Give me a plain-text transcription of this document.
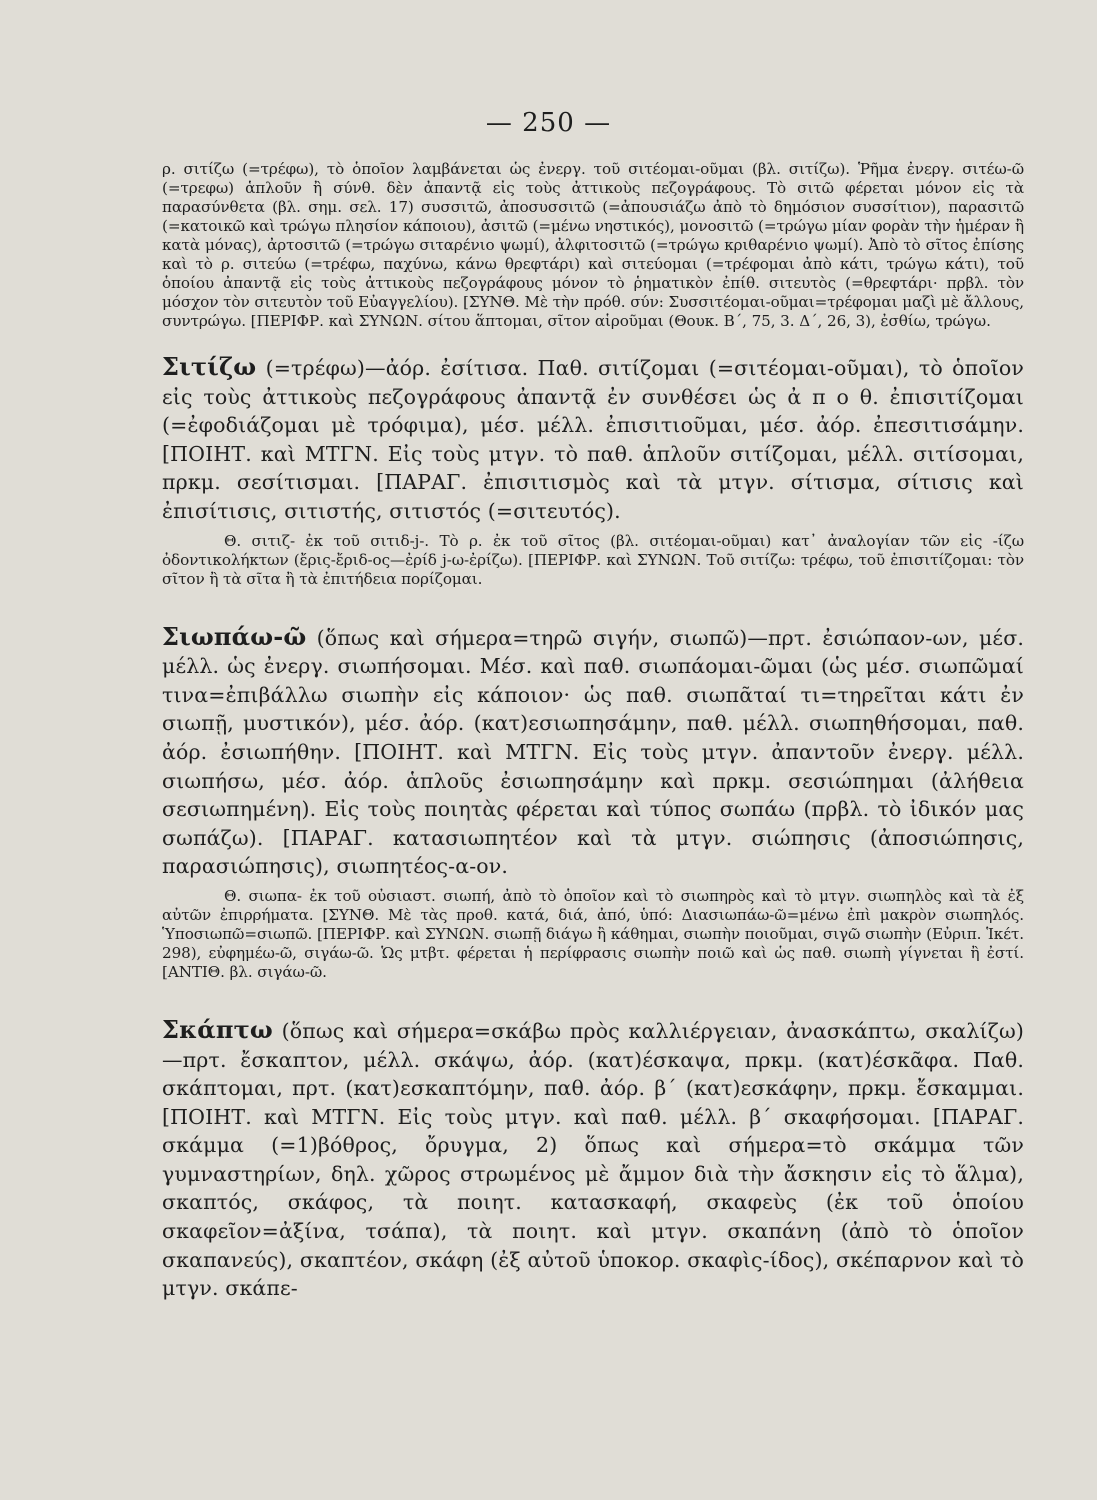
— 250 —

ρ. σιτίζω (=τρέφω), τὸ ὁποῖον λαμβάνεται ὡς ἐνεργ. τοῦ σιτέομαι-οῦμαι (βλ. σιτίζω). Ῥῆμα ἐνεργ. σιτέω-ῶ (=τρεφω) ἁπλοῦν ἢ σύνθ. δὲν ἀπαντᾷ εἰς τοὺς ἀττικοὺς πεζογράφους. Τὸ σιτῶ φέρεται μόνον εἰς τὰ παρασύνθετα (βλ. σημ. σελ. 17) συσσιτῶ, ἀποσυσσιτῶ (=ἀπουσιάζω ἀπὸ τὸ δημόσιον συσσίτιον), παρασιτῶ (=κατοικῶ καὶ τρώγω πλησίον κάποιου), ἀσιτῶ (=μένω νηστικός), μονοσιτῶ (=τρώγω μίαν φορὰν τὴν ἡμέραν ἢ κατὰ μόνας), ἀρτοσιτῶ (=τρώγω σιταρένιο ψωμί), ἀλφιτοσιτῶ (=τρώγω κριθαρένιο ψωμί). Ἀπὸ τὸ σῖτος ἐπίσης καὶ τὸ ρ. σιτεύω (=τρέφω, παχύνω, κάνω θρεφτάρι) καὶ σιτεύομαι (=τρέφομαι ἀπὸ κάτι, τρώγω κάτι), τοῦ ὁποίου ἀπαντᾷ εἰς τοὺς ἀττικοὺς πεζογράφους μόνον τὸ ῥηματικὸν ἐπίθ. σιτευτὸς (=θρεφτάρι· πρβλ. τὸν μόσχον τὸν σιτευτὸν τοῦ Εὐαγγελίου). [ΣΥΝΘ. Μὲ τὴν πρόθ. σύν: Συσσιτέομαι-οῦμαι=τρέφομαι μαζὶ μὲ ἄλλους, συντρώγω. [ΠΕΡΙΦΡ. καὶ ΣΥΝΩΝ. σίτου ἅπτομαι, σῖτον αἱροῦμαι (Θουκ. Β΄, 75, 3. Δ΄, 26, 3), ἐσθίω, τρώγω.

Σιτίζω (=τρέφω)—ἀόρ. ἐσίτισα. Παθ. σιτίζομαι (=σιτέομαι-οῦμαι), τὸ ὁποῖον εἰς τοὺς ἀττικοὺς πεζογράφους ἀπαντᾷ ἐν συνθέσει ὡς ἀ π ο θ. ἐπισιτίζομαι (=ἐφοδιάζομαι μὲ τρόφιμα), μέσ. μέλλ. ἐπισιτιοῦμαι, μέσ. ἀόρ. ἐπεσιτισάμην. [ΠΟΙΗΤ. καὶ ΜΤΓΝ. Εἰς τοὺς μτγν. τὸ παθ. ἁπλοῦν σιτίζομαι, μέλλ. σιτίσομαι, πρκμ. σεσίτισμαι. [ΠΑΡΑΓ. ἐπισιτισμὸς καὶ τὰ μτγν. σίτισμα, σίτισις καὶ ἐπισίτισις, σιτιστής, σιτιστός (=σιτευτός).

Θ. σιτιζ- ἐκ τοῦ σιτιδ-j-. Τὸ ρ. ἐκ τοῦ σῖτος (βλ. σιτέομαι-οῦμαι) κατ᾽ ἀναλογίαν τῶν εἰς -ίζω ὀδοντικολήκτων (ἔρις-ἔριδ-ος—ἐρίδ j-ω-ἐρίζω). [ΠΕΡΙΦΡ. καὶ ΣΥΝΩΝ. Τοῦ σιτίζω: τρέφω, τοῦ ἐπισιτίζομαι: τὸν σῖτον ἢ τὰ σῖτα ἢ τὰ ἐπιτήδεια πορίζομαι.

Σιωπάω-ῶ (ὅπως καὶ σήμερα=τηρῶ σιγήν, σιωπῶ)—πρτ. ἐσιώπαον-ων, μέσ. μέλλ. ὡς ἐνεργ. σιωπήσομαι. Μέσ. καὶ παθ. σιωπάομαι-ῶμαι (ὡς μέσ. σιωπῶμαί τινα=ἐπιβάλλω σιωπὴν εἰς κάποιον· ὡς παθ. σιωπᾶταί τι=τηρεῖται κάτι ἐν σιωπῇ, μυστικόν), μέσ. ἀόρ. (κατ)εσιωπησάμην, παθ. μέλλ. σιωπηθήσομαι, παθ. ἀόρ. ἐσιωπήθην. [ΠΟΙΗΤ. καὶ ΜΤΓΝ. Εἰς τοὺς μτγν. ἀπαντοῦν ἐνεργ. μέλλ. σιωπήσω, μέσ. ἀόρ. ἁπλοῦς ἐσιωπησάμην καὶ πρκμ. σεσιώπημαι (ἀλήθεια σεσιωπημένη). Εἰς τοὺς ποιητὰς φέρεται καὶ τύπος σωπάω (πρβλ. τὸ ἰδικόν μας σωπάζω). [ΠΑΡΑΓ. κατασιωπητέον καὶ τὰ μτγν. σιώπησις (ἀποσιώπησις, παρασιώπησις), σιωπητέος-α-ον.

Θ. σιωπα- ἐκ τοῦ οὐσιαστ. σιωπή, ἀπὸ τὸ ὁποῖον καὶ τὸ σιωπηρὸς καὶ τὸ μτγν. σιωπηλὸς καὶ τὰ ἐξ αὐτῶν ἐπιρρήματα. [ΣΥΝΘ. Μὲ τὰς προθ. κατά, διά, ἀπό, ὑπό: Διασιωπάω-ῶ=μένω ἐπὶ μακρὸν σιωπηλός. Ὑποσιωπῶ=σιωπῶ. [ΠΕΡΙΦΡ. καὶ ΣΥΝΩΝ. σιωπῇ διάγω ἢ κάθημαι, σιωπὴν ποιοῦμαι, σιγῶ σιωπὴν (Εὐριπ. Ἱκέτ. 298), εὐφημέω-ῶ, σιγάω-ῶ. Ὡς μτβτ. φέρεται ἡ περίφρασις σιωπὴν ποιῶ καὶ ὡς παθ. σιωπὴ γίγνεται ἢ ἐστί. [ΑΝΤΙΘ. βλ. σιγάω-ῶ.

Σκάπτω (ὅπως καὶ σήμερα=σκάβω πρὸς καλλιέργειαν, ἀνασκάπτω, σκαλίζω)—πρτ. ἔσκαπτον, μέλλ. σκάψω, ἀόρ. (κατ)έσκαψα, πρκμ. (κατ)έσκᾶφα. Παθ. σκάπτομαι, πρτ. (κατ)εσκαπτόμην, παθ. ἀόρ. β΄ (κατ)εσκάφην, πρκμ. ἔσκαμμαι. [ΠΟΙΗΤ. καὶ ΜΤΓΝ. Εἰς τοὺς μτγν. καὶ παθ. μέλλ. β΄ σκαφήσομαι. [ΠΑΡΑΓ. σκάμμα (=1)βόθρος, ὄρυγμα, 2) ὅπως καὶ σήμερα=τὸ σκάμμα τῶν γυμναστηρίων, δηλ. χῶρος στρωμένος μὲ ἄμμον διὰ τὴν ἄσκησιν εἰς τὸ ἅλμα), σκαπτός, σκάφος, τὰ ποιητ. κατασκαφή, σκαφεὺς (ἐκ τοῦ ὁποίου σκαφεῖον=ἀξίνα, τσάπα), τὰ ποιητ. καὶ μτγν. σκαπάνη (ἀπὸ τὸ ὁποῖον σκαπανεύς), σκαπτέον, σκάφη (ἐξ αὐτοῦ ὑποκορ. σκαφὶς-ίδος), σκέπαρνον καὶ τὸ μτγν. σκάπε-
